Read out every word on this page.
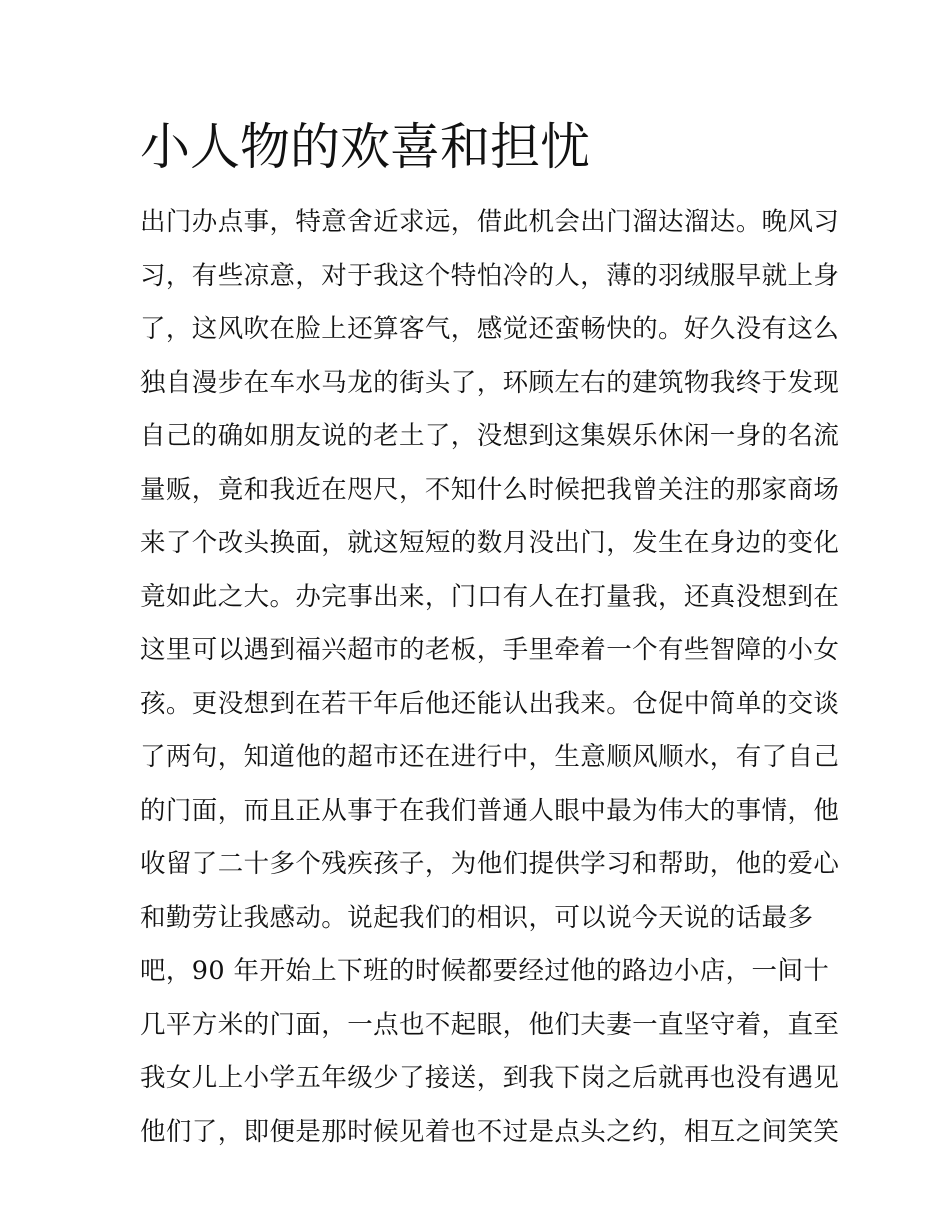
小人物的欢喜和担忧
出门办点事，特意舍近求远，借此机会出门溜达溜达。晚风习
习，有些凉意，对于我这个特怕冷的人，薄的羽绒服早就上身
了，这风吹在脸上还算客气，感觉还蛮畅快的。好久没有这么
独自漫步在车水马龙的街头了，环顾左右的建筑物我终于发现
自己的确如朋友说的老土了，没想到这集娱乐休闲一身的名流
量贩，竟和我近在咫尺，不知什么时候把我曾关注的那家商场
来了个改头换面，就这短短的数月没出门，发生在身边的变化
竟如此之大。办完事出来，门口有人在打量我，还真没想到在
这里可以遇到福兴超市的老板，手里牵着一个有些智障的小女
孩。更没想到在若干年后他还能认出我来。仓促中简单的交谈
了两句，知道他的超市还在进行中，生意顺风顺水，有了自己
的门面，而且正从事于在我们普通人眼中最为伟大的事情，他
收留了二十多个残疾孩子，为他们提供学习和帮助，他的爱心
和勤劳让我感动。说起我们的相识，可以说今天说的话最多
吧，90 年开始上下班的时候都要经过他的路边小店，一间十
几平方米的门面，一点也不起眼，他们夫妻一直坚守着，直至
我女儿上小学五年级少了接送，到我下岗之后就再也没有遇见
他们了，即便是那时候见着也不过是点头之约，相互之间笑笑
